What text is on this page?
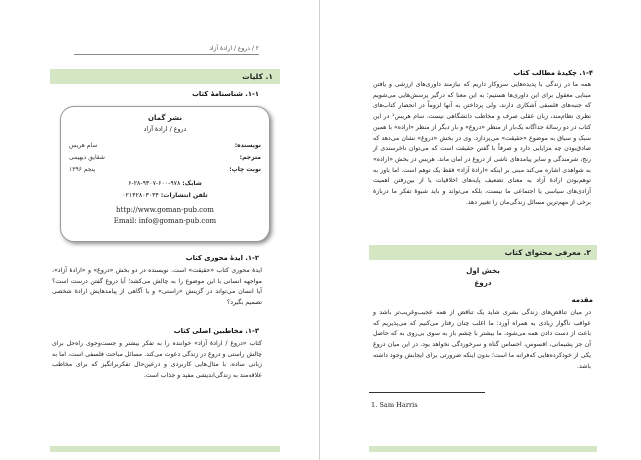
۲ / دروغ / ارادهٔ آزاد
۱. کلیات
۱-۱. شناسنامهٔ کتاب
نشر گمان
دروغ / ارادهٔ آزاد
نویسنده:
سام هریس
مترجم:
شقایق دیهیمی
نوبت چاپ:
پنجم ۱۳۹۶
شابک: ۹۷۸-۶۰۰-۹۳۰۷-۲۸-۶
تلفن انتشارات: ۰۲۱۴۲۸۰۳۰۳۴
http://www.goman-pub.com
Email: info@goman-pub.com
۱-۲. ایدهٔ محوری کتاب
ایدهٔ محوری کتاب «حقیقت» است. نویسنده در دو بخش «دروغ» و «ارادهٔ آزاد»، مواجهه انسانی با این موضوع را به چالش می‌کشد؛ آیا دروغ گفتن درست است؟ آیا انسان می‌تواند در گزینش «راستی» و یا آگاهی از پیامدهایش ارادهٔ شخصی تصمیم بگیرد؟
۱-۳. مخاطبین اصلی کتاب
کتاب «دروغ / ارادهٔ آزاد» خواننده را به تفکر بیشتر و جست‌وجوی راه‌حل برای چالش راستی و دروغ در زندگی دعوت می‌کند. مسائل مباحث فلسفی است، اما به زبانی ساده، با مثال‌هایی کاربردی و درعین‌حال تفکربرانگیز که برای مخاطب علاقه‌مند به زندگی‌اندیشی مفید و جذاب است.
۱-۴. چکیدهٔ مطالب کتاب
همه ما در زندگی با پدیده‌هایی سروکار داریم که نیازمند داوری‌های ارزشی و یافتن مبنایی معقول برای این داوری‌ها هستیم؛ به این معنا که درگیر پرسش‌هایی می‌شویم که جنبه‌های فلسفی آشکاری دارند، ولی پرداختن به آنها لزوماً در انحصار کتاب‌های نظری نظام‌مند، زبان عقلی صرف و مخاطب دانشگاهی نیست. سام هریس¹ در این کتاب در دو رسالهٔ جداگانه یک‌بار از منظر «دروغ» و بار دیگر از منظر «اراده» با همین سبک و سیاق به موضوع «حقیقت» می‌پردازد. وی در بخش «دروغ» نشان می‌دهد که صادق‌بودن چه مزایایی دارد و صرفاً با گفتن حقیقت است که می‌توان ناخرسندی از رنج، شرمندگی و سایر پیامدهای ناشی از دروغ در امان ماند. هریس در بخش «اراده» به شواهدی اشاره می‌کند مبنی بر اینکه «ارادهٔ آزاد» فقط یک توهم است. اما باور به توهم‌بودن ارادهٔ آزاد به معنای تضعیف پایه‌های اخلاقیات یا از بین‌رفتن اهمیت آزادی‌های سیاسی یا اجتماعی ما نیست، بلکه می‌تواند و باید شیوهٔ تفکر ما دربارهٔ برخی از مهم‌ترین مسائل زندگی‌مان را تغییر دهد.
۲. معرفی محتوای کتاب
بخش اول
دروغ
مقدمه
در میان تناقض‌های زندگی بشری شاید یک تناقض از همه عجیب‌وغریب‌تر باشد و عواقب ناگوار زیادی به همراه آورد: ما اغلب چنان رفتار می‌کنیم که می‌پذیریم که باعث از دست دادن همه می‌شود، ما بیشتر با چشم باز به سوی بی‌روی به که حاصل آن جز پشیمانی، افسوس، احساس گناه و سرخوردگی نخواهد بود. در این میان دروغ یکی از خودکرده‌هایی که‌فرانه ما است؛ بدون اینکه ضرورتی برای ایجابش وجود داشته باشد.
1. Sam Harris
